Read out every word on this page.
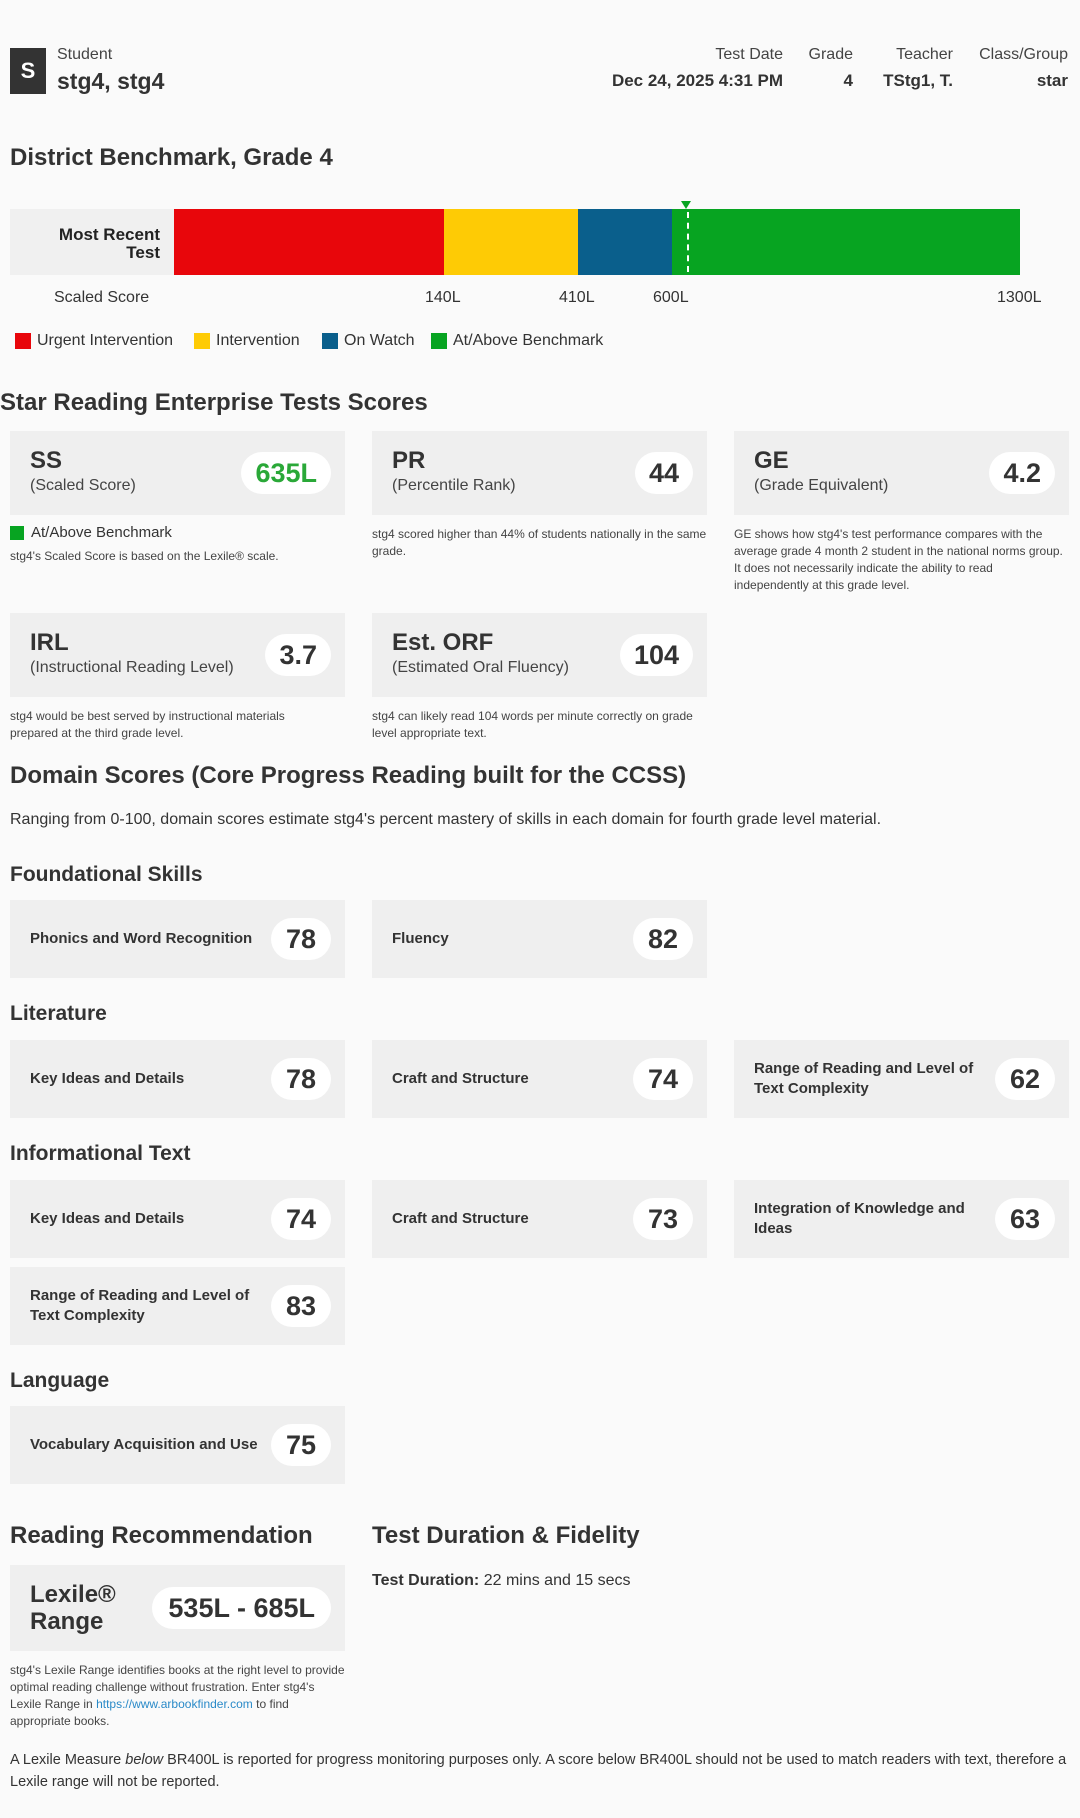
S
Student
stg4, stg4
Test Date
Dec 24, 2025 4:31 PM
Grade
4
Teacher
TStg1, T.
Class/Group
star
District Benchmark, Grade 4
Most Recent
Test
Scaled Score	140L	410L	600L	1300L
Urgent Intervention	Intervention	On Watch At/Above Benchmark
Star Reading Enterprise Tests Scores
SS
(Scaled Score)	635L
At/Above Benchmark
stg4's Scaled Score is based on the Lexile® scale.
PR
(Percentile Rank)	44
stg4 scored higher than 44% of students nationally in the same grade.
GE
(Grade Equivalent)	4.2
GE shows how stg4's test performance compares with the average grade 4 month 2 student in the national norms group. It does not necessarily indicate the ability to read independently at this grade level.
IRL
(Instructional Reading Level)	3.7
stg4 would be best served by instructional materials prepared at the third grade level.
Est. ORF
(Estimated Oral Fluency)	104
stg4 can likely read 104 words per minute correctly on grade level appropriate text.
Domain Scores (Core Progress Reading built for the CCSS)
Ranging from 0-100, domain scores estimate stg4's percent mastery of skills in each domain for fourth grade level material.
Foundational Skills
Phonics and Word Recognition	78	Fluency	82
Literature
Key Ideas and Details	78	Craft and Structure	74	Range of Reading and Level of Text Complexity	62
Informational Text
Key Ideas and Details	74	Craft and Structure	73	Integration of Knowledge and Ideas	63
Range of Reading and Level of Text Complexity	83
Language
Vocabulary Acquisition and Use	75
Reading Recommendation
Lexile®
Range	535L - 685L
stg4's Lexile Range identifies books at the right level to provide optimal reading challenge without frustration. Enter stg4's Lexile Range in https://www.arbookfinder.com to find appropriate books.
Test Duration & Fidelity
Test Duration: 22 mins and 15 secs
A Lexile Measure below BR400L is reported for progress monitoring purposes only. A score below BR400L should not be used to match readers with text, therefore a Lexile range will not be reported.
